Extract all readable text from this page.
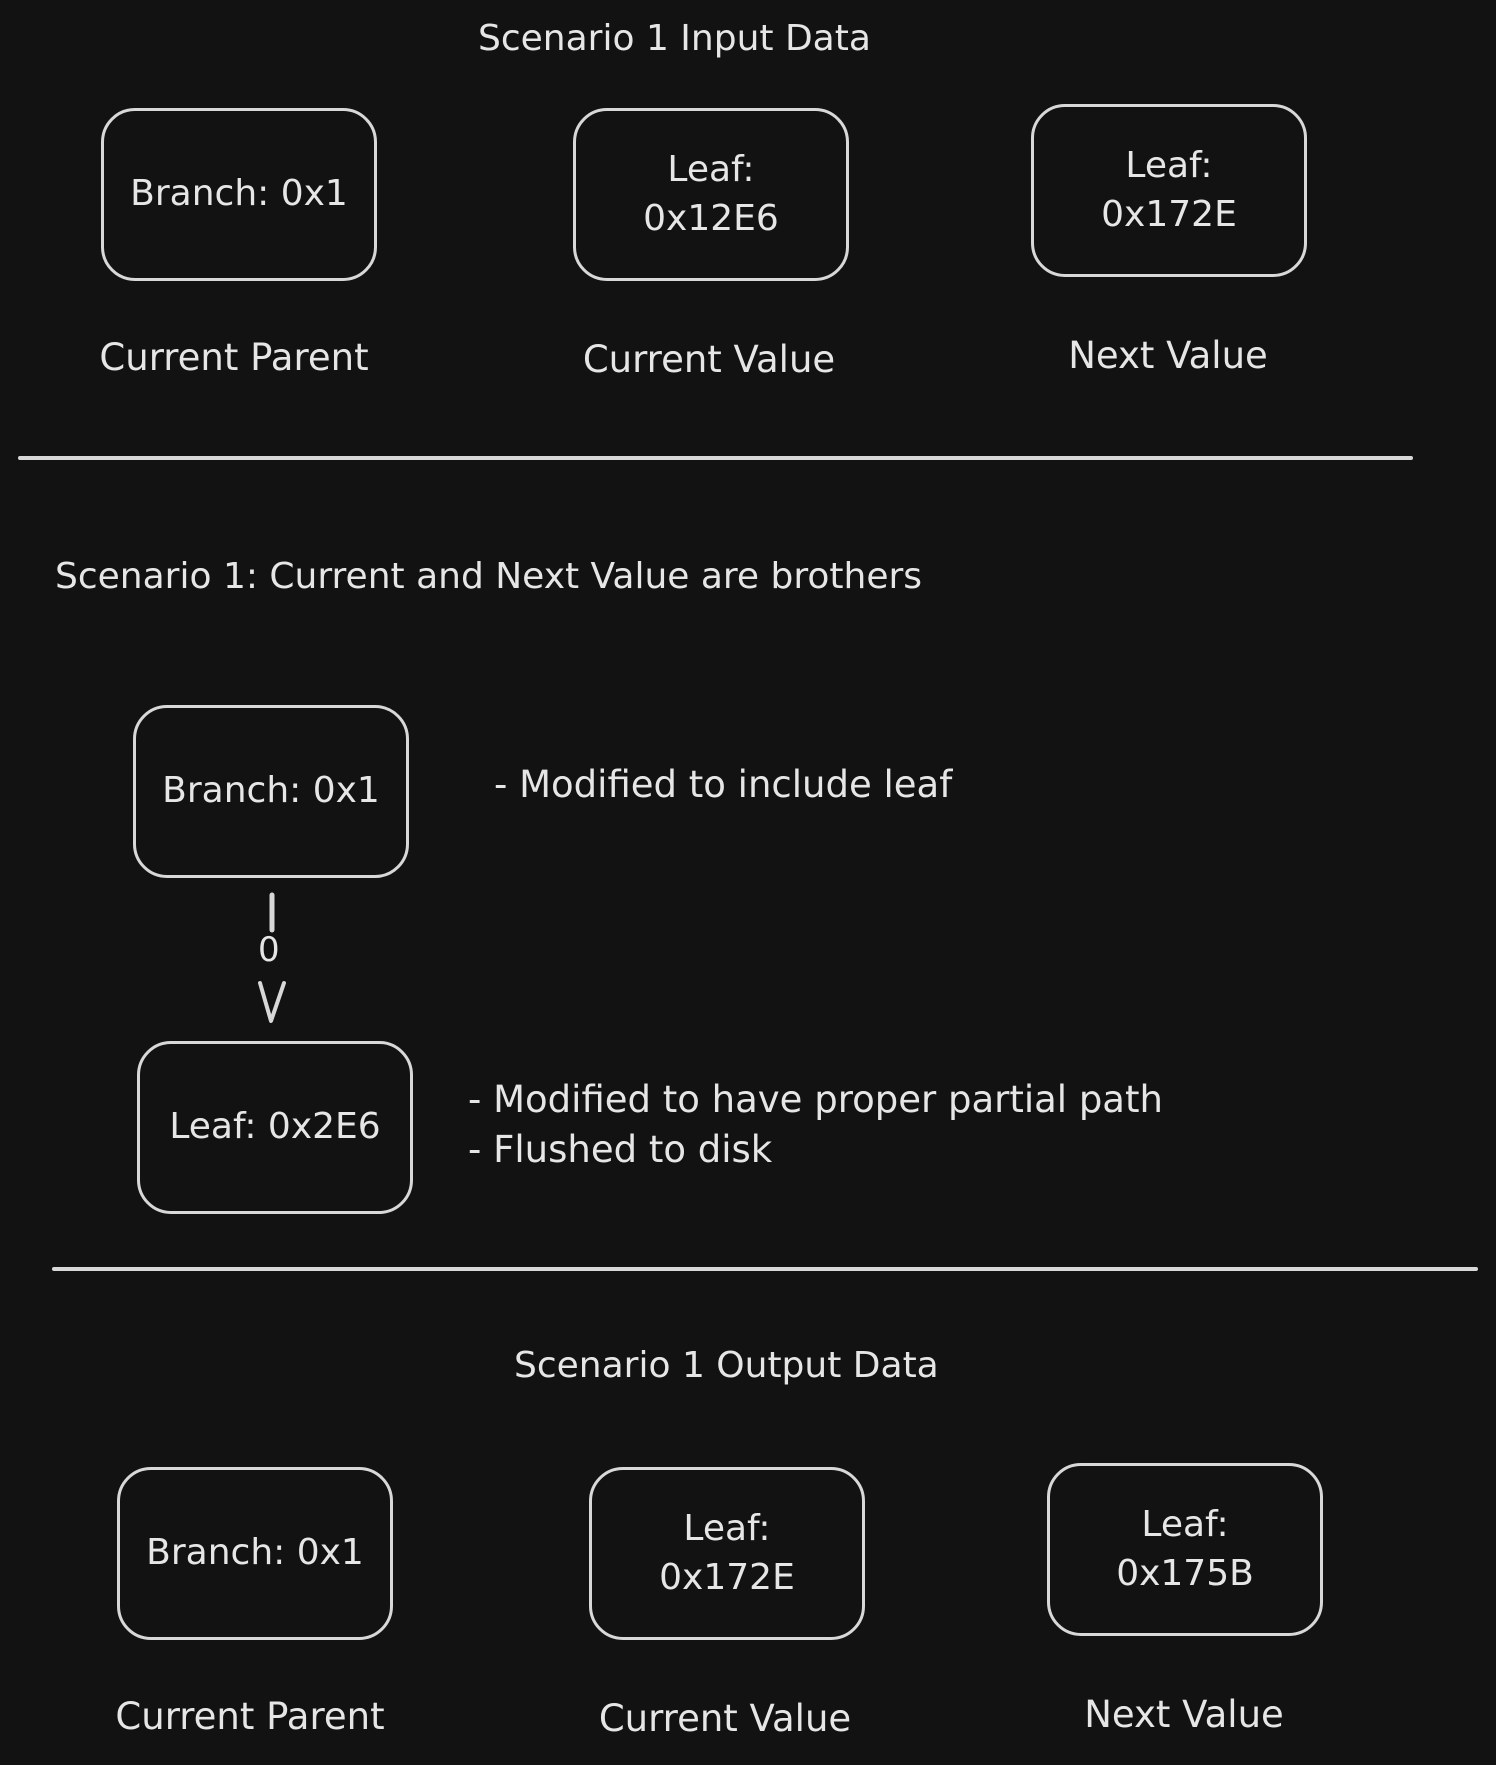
Scenario 1 Input Data
Branch: 0x1
Leaf:
0x12E6
Leaf:
0x172E
Current Parent	Current Value	Next Value
Scenario 1: Current and Next Value are brothers
Branch: 0x1	- Modified to include leaf
0
Leaf: 0x2E6
- Modified to have proper partial path
- Flushed to disk
Scenario 1 Output Data
Branch: 0x1
Leaf:
0x172E
Leaf:
0x175B
Current Parent	Current Value	Next Value
